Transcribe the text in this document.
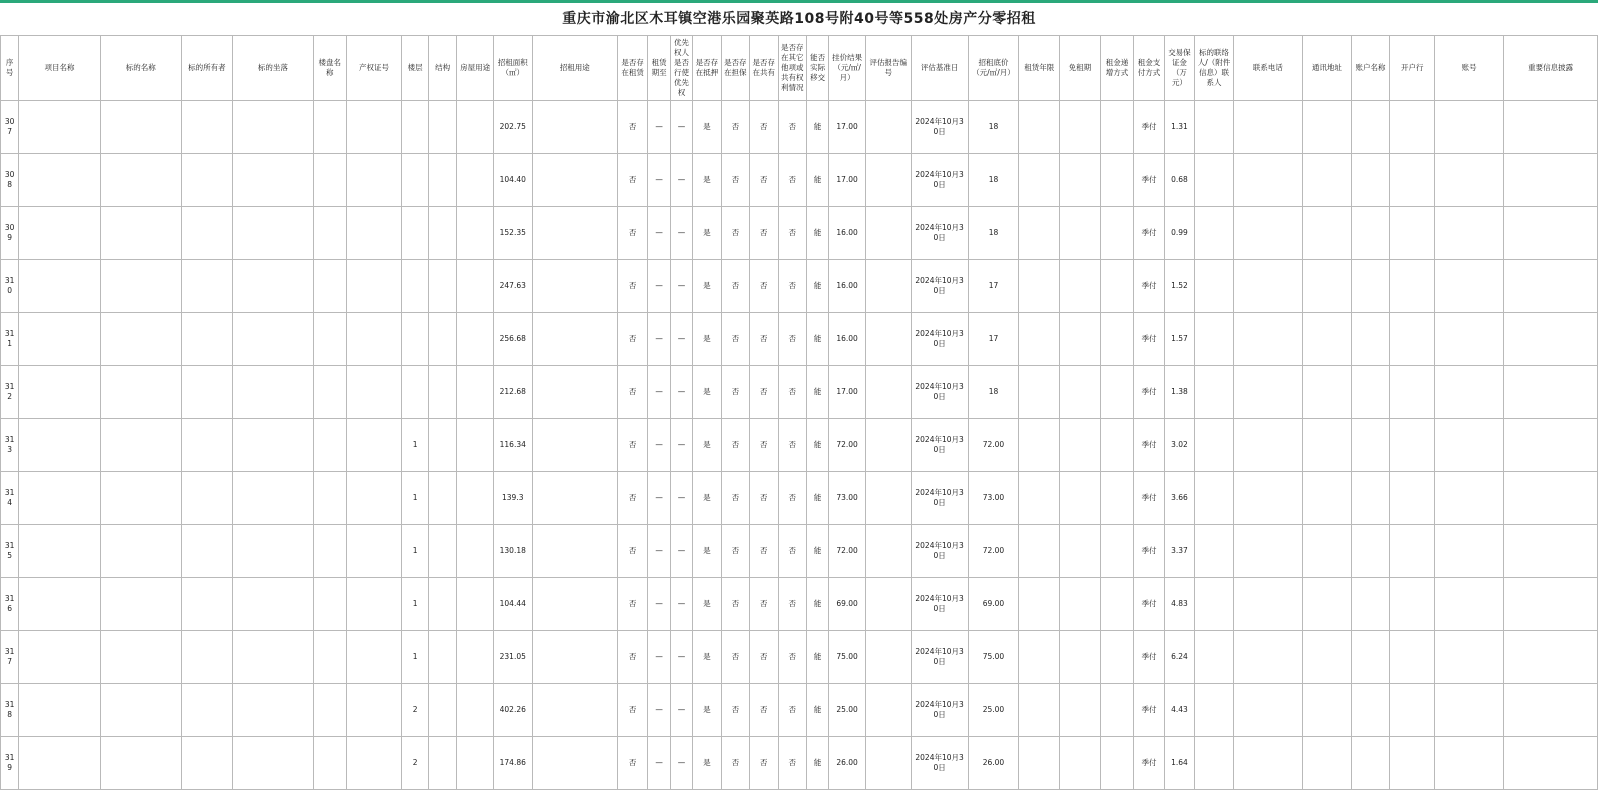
重庆市渝北区木耳镇空港乐园聚英路108号附40号等558处房产分零招租
序号	项目名称	标的名称	标的所有者	标的坐落	楼盘名称	产权证号	楼层	结构	房屋用途	招租面积（㎡）	招租用途	是否存在租赁	租赁期至	优先权人是否行使优先权	是否存在抵押	是否存在担保	是否存在共有	是否存在其它他项或共有权利情况	能否实际移交	挂价结果（元/㎡/月）	评估报告编号	评估基准日	招租底价（元/㎡/月）	租赁年限	免租期	租金递增方式	租金支付方式	交易保证金（万元）	标的联络人/（附件信息）联系人	联系电话	通讯地址	账户名称	开户行	账号	重要信息披露
307										202.75		否	—	—	是	否	否	否	能	17.00		2024年10月30日	18				季付	1.31							
308										104.40		否	—	—	是	否	否	否	能	17.00		2024年10月30日	18				季付	0.68							
309										152.35		否	—	—	是	否	否	否	能	16.00		2024年10月30日	18				季付	0.99							
310										247.63		否	—	—	是	否	否	否	能	16.00		2024年10月30日	17				季付	1.52							
311										256.68		否	—	—	是	否	否	否	能	16.00		2024年10月30日	17				季付	1.57							
312										212.68		否	—	—	是	否	否	否	能	17.00		2024年10月30日	18				季付	1.38							
313							1			116.34		否	—	—	是	否	否	否	能	72.00		2024年10月30日	72.00				季付	3.02							
314							1			139.3		否	—	—	是	否	否	否	能	73.00		2024年10月30日	73.00				季付	3.66							
315							1			130.18		否	—	—	是	否	否	否	能	72.00		2024年10月30日	72.00				季付	3.37							
316							1			104.44		否	—	—	是	否	否	否	能	69.00		2024年10月30日	69.00				季付	4.83							
317							1			231.05		否	—	—	是	否	否	否	能	75.00		2024年10月30日	75.00				季付	6.24							
318							2			402.26		否	—	—	是	否	否	否	能	25.00		2024年10月30日	25.00				季付	4.43							
319							2			174.86		否	—	—	是	否	否	否	能	26.00		2024年10月30日	26.00				季付	1.64							
